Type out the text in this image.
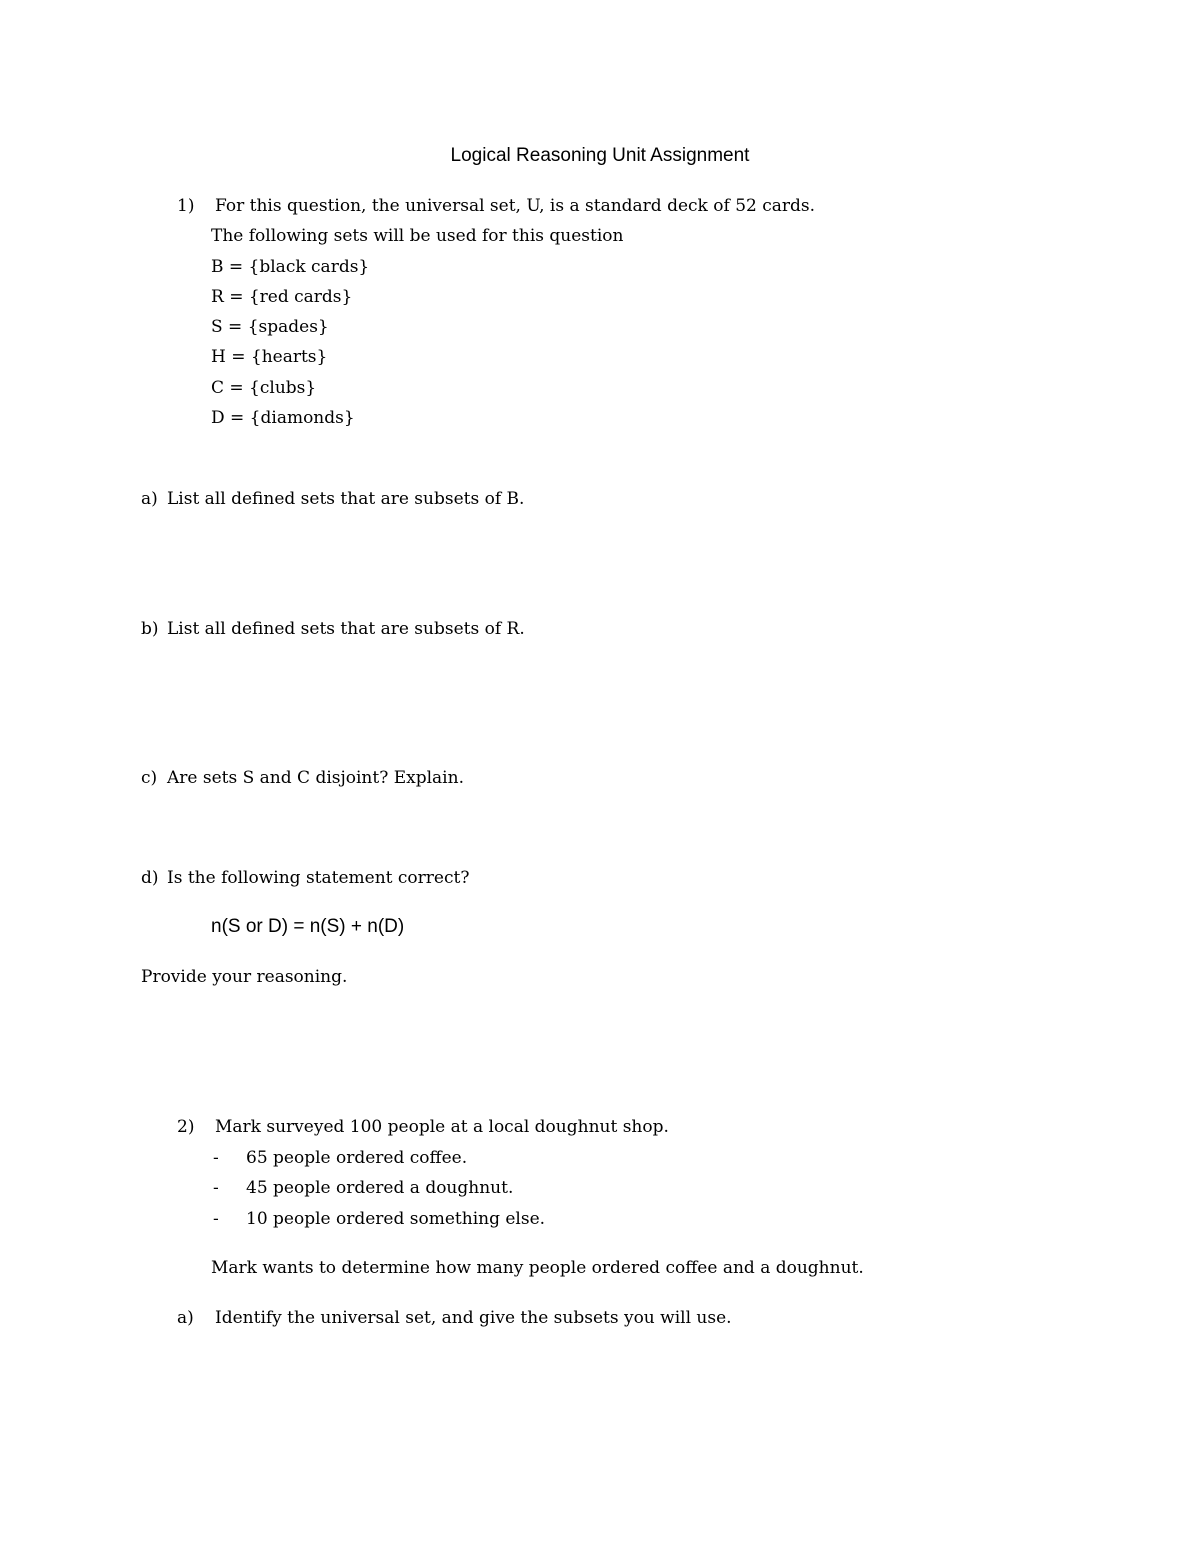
Logical Reasoning Unit Assignment
1) For this question, the universal set, U, is a standard deck of 52 cards.
The following sets will be used for this question
B = {black cards}
R = {red cards}
S = {spades}
H = {hearts}
C = {clubs}
D = {diamonds}
a) List all defined sets that are subsets of B.
b) List all defined sets that are subsets of R.
c) Are sets S and C disjoint? Explain.
d) Is the following statement correct?
n(S or D) = n(S) + n(D)
Provide your reasoning.
2) Mark surveyed 100 people at a local doughnut shop.
- 65 people ordered coffee.
- 45 people ordered a doughnut.
- 10 people ordered something else.
Mark wants to determine how many people ordered coffee and a doughnut.
a) Identify the universal set, and give the subsets you will use.
